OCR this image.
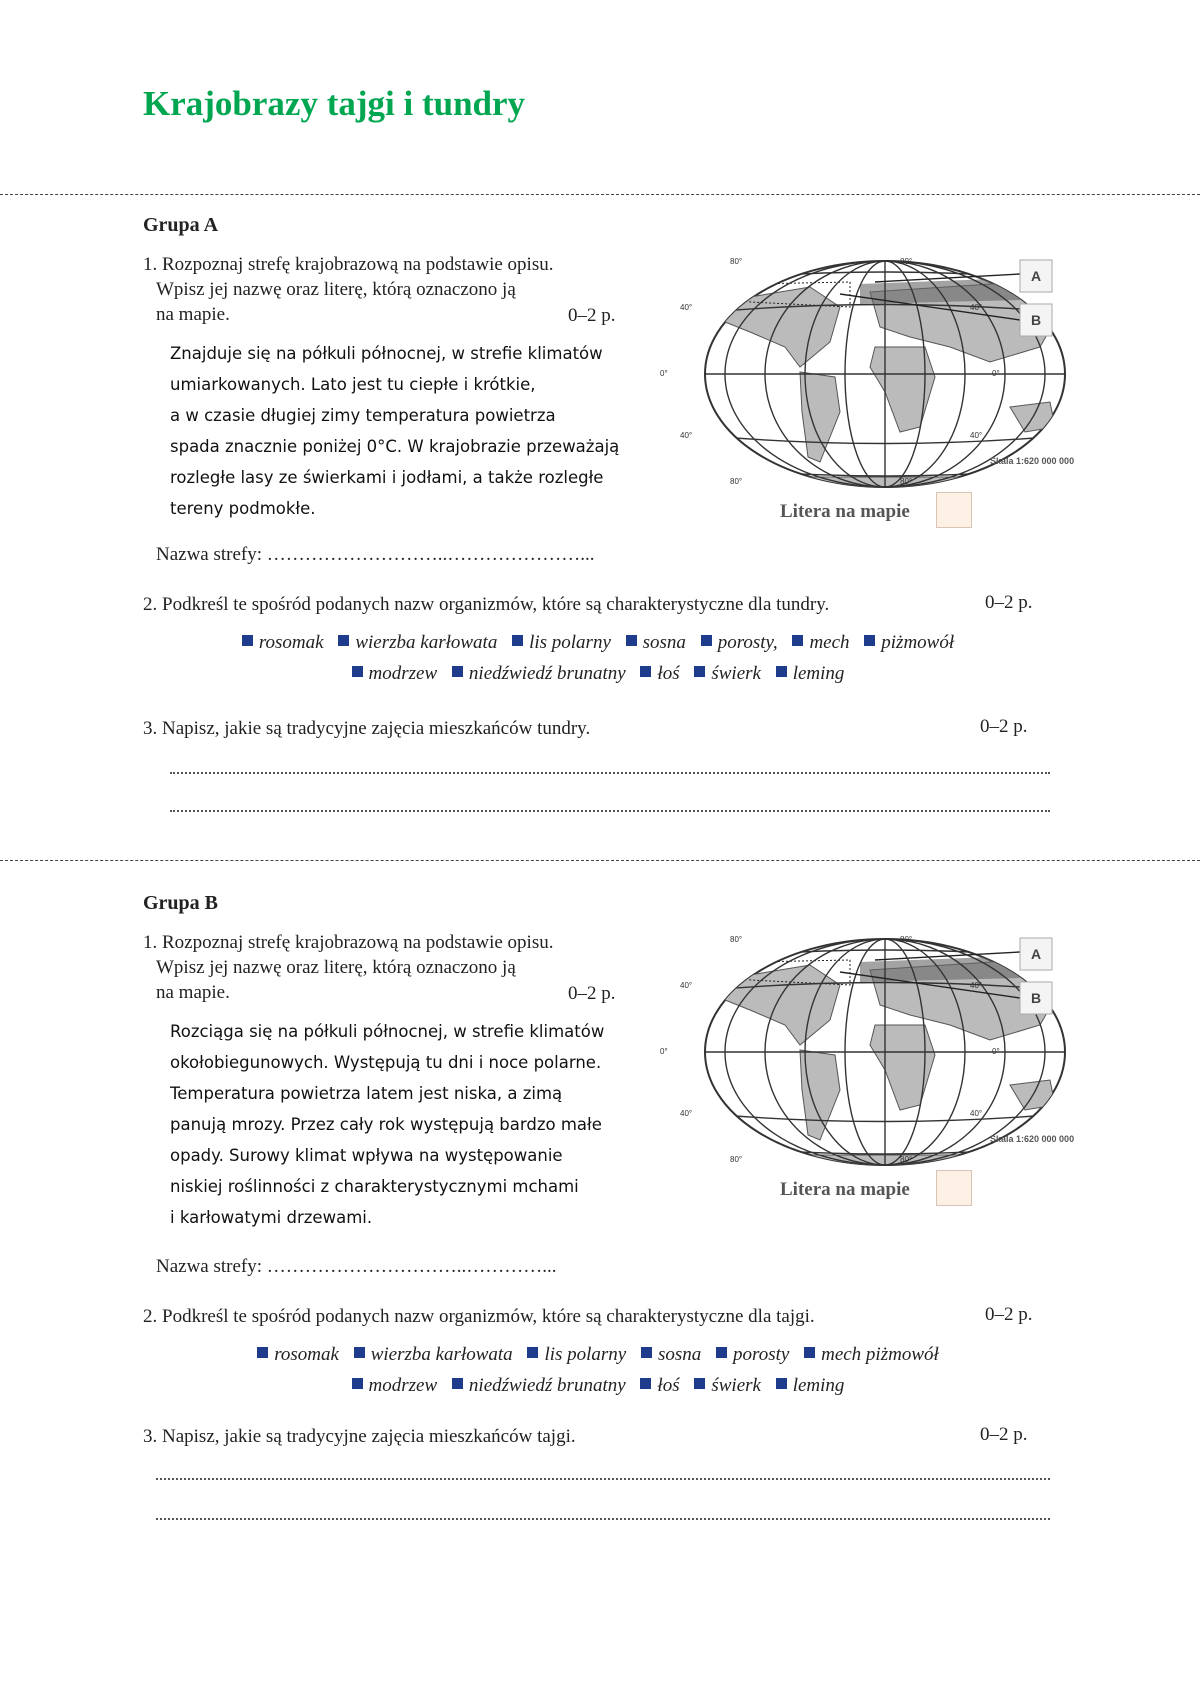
Krajobrazy tajgi i tundry
Grupa A
1. Rozpoznaj strefę krajobrazową na podstawie opisu.
Wpisz jej nazwę oraz literę, którą oznaczono ją
na mapie.	0–2 p.

Znajduje się na półkuli północnej, w strefie klimatów

umiarkowanych. Lato jest tu ciepłe i krótkie,

a w czasie długiej zimy temperatura powietrza

spada znacznie poniżej 0°C. W krajobrazie przeważają

rozległe lasy ze świerkami i jodłami, a także rozległe

tereny podmokłe.

Nazwa strefy: ………………………..…………………...
80°	80°
40°	40°
0°	0°
40°	40°
80°	80°
A
B
Skala 1:620 000 000
Litera na mapie
2. Podkreśl te spośród podanych nazw organizmów, które są charakterystyczne dla tundry.	0–2 p.
rosomak wierzba karłowata lis polarny sosna porosty, mech piżmowół
modrzew niedźwiedź brunatny łoś świerk leming
3. Napisz, jakie są tradycyjne zajęcia mieszkańców tundry.	0–2 p.
Grupa B
1. Rozpoznaj strefę krajobrazową na podstawie opisu.
Wpisz jej nazwę oraz literę, którą oznaczono ją
na mapie.	0–2 p.

Rozciąga się na półkuli północnej, w strefie klimatów

okołobiegunowych. Występują tu dni i noce polarne.

Temperatura powietrza latem jest niska, a zimą

panują mrozy. Przez cały rok występują bardzo małe

opady. Surowy klimat wpływa na występowanie

niskiej roślinności z charakterystycznymi mchami

i karłowatymi drzewami.

Nazwa strefy: …………………………..…………...
A
B
Skala 1:620 000 000
80°	80°
40°	40°
0°	0°
40°	40°
80°	80°
Litera na mapie
2. Podkreśl te spośród podanych nazw organizmów, które są charakterystyczne dla tajgi.	0–2 p.
rosomak wierzba karłowata lis polarny sosna porosty mech piżmowół
modrzew niedźwiedź brunatny łoś świerk leming
3. Napisz, jakie są tradycyjne zajęcia mieszkańców tajgi.	0–2 p.
